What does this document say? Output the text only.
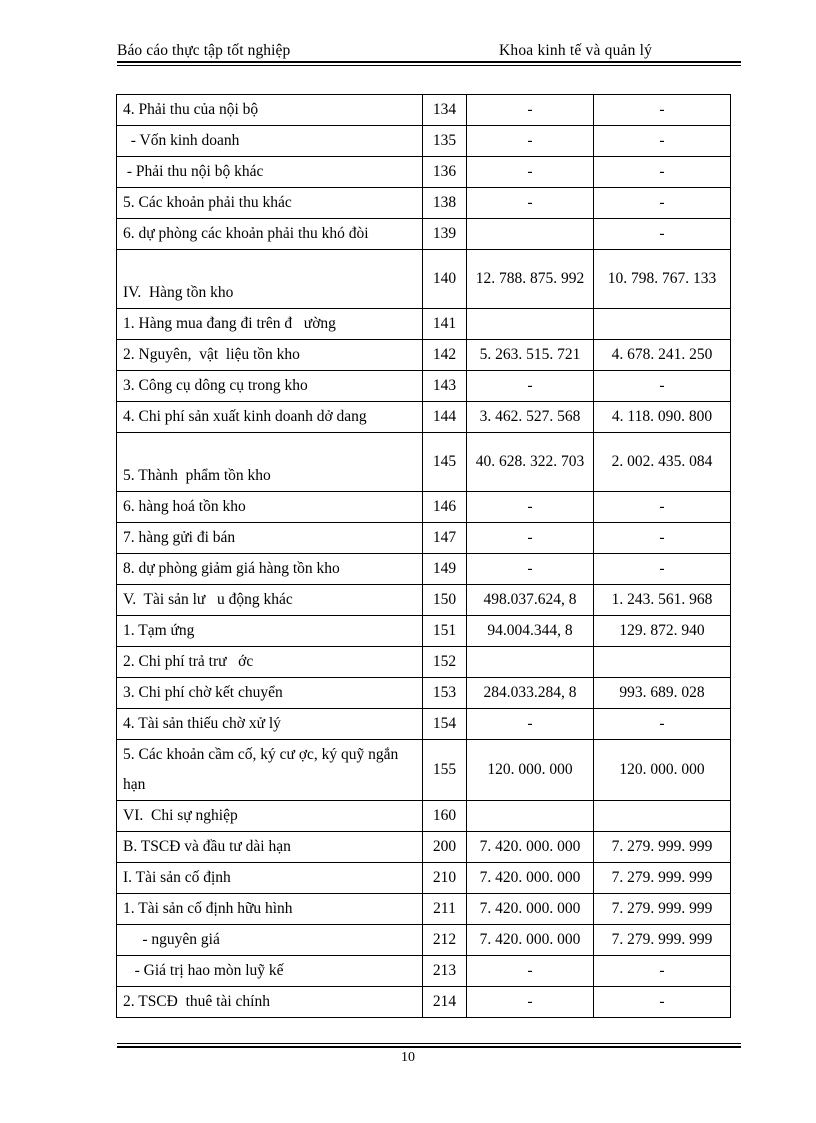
Báo cáo thực tập tốt nghiệp	Khoa kinh tế và quản lý
4. Phải thu của nội bộ	134	-	-
- Vốn kinh doanh	135	-	-
- Phải thu nội bộ khác	136	-	-
5. Các khoản phải thu khác	138	-	-
6. dự phòng các khoản phải thu khó đòi	139		-
IV.  Hàng tồn kho	140	12. 788. 875. 992	10. 798. 767. 133
1. Hàng mua đang đi trên đ   ường	141		
2. Nguyên,  vật  liệu tồn kho	142	5. 263. 515. 721	4. 678. 241. 250
3. Công cụ dông cụ trong kho	143	-	-
4. Chi phí sản xuất kinh doanh dở dang	144	3. 462. 527. 568	4. 118. 090. 800
5. Thành  phẩm tồn kho	145	40. 628. 322. 703	2. 002. 435. 084
6. hàng hoá tồn kho	146	-	-
7. hàng gửi đi bán	147	-	-
8. dự phòng giảm giá hàng tồn kho	149	-	-
V.  Tài sản lư   u động khác	150	498.037.624, 8	1. 243. 561. 968
1. Tạm ứng	151	94.004.344, 8	129. 872. 940
2. Chi phí trả trư   ớc	152		
3. Chi phí chờ kết chuyển	153	284.033.284, 8	993. 689. 028
4. Tài sản thiếu chờ xử lý	154	-	-
5. Các khoản cầm cố, ký cư ợc, ký quỹ ngắn hạn	155	120. 000. 000	120. 000. 000
VI.  Chi sự nghiệp	160		
B. TSCĐ và đầu tư dài hạn	200	7. 420. 000. 000	7. 279. 999. 999
I. Tài sản cố định	210	7. 420. 000. 000	7. 279. 999. 999
1. Tài sản cố định hữu hình	211	7. 420. 000. 000	7. 279. 999. 999
- nguyên giá	212	7. 420. 000. 000	7. 279. 999. 999
- Giá trị hao mòn luỹ kế	213	-	-
2. TSCĐ  thuê tài chính	214	-	-
10
